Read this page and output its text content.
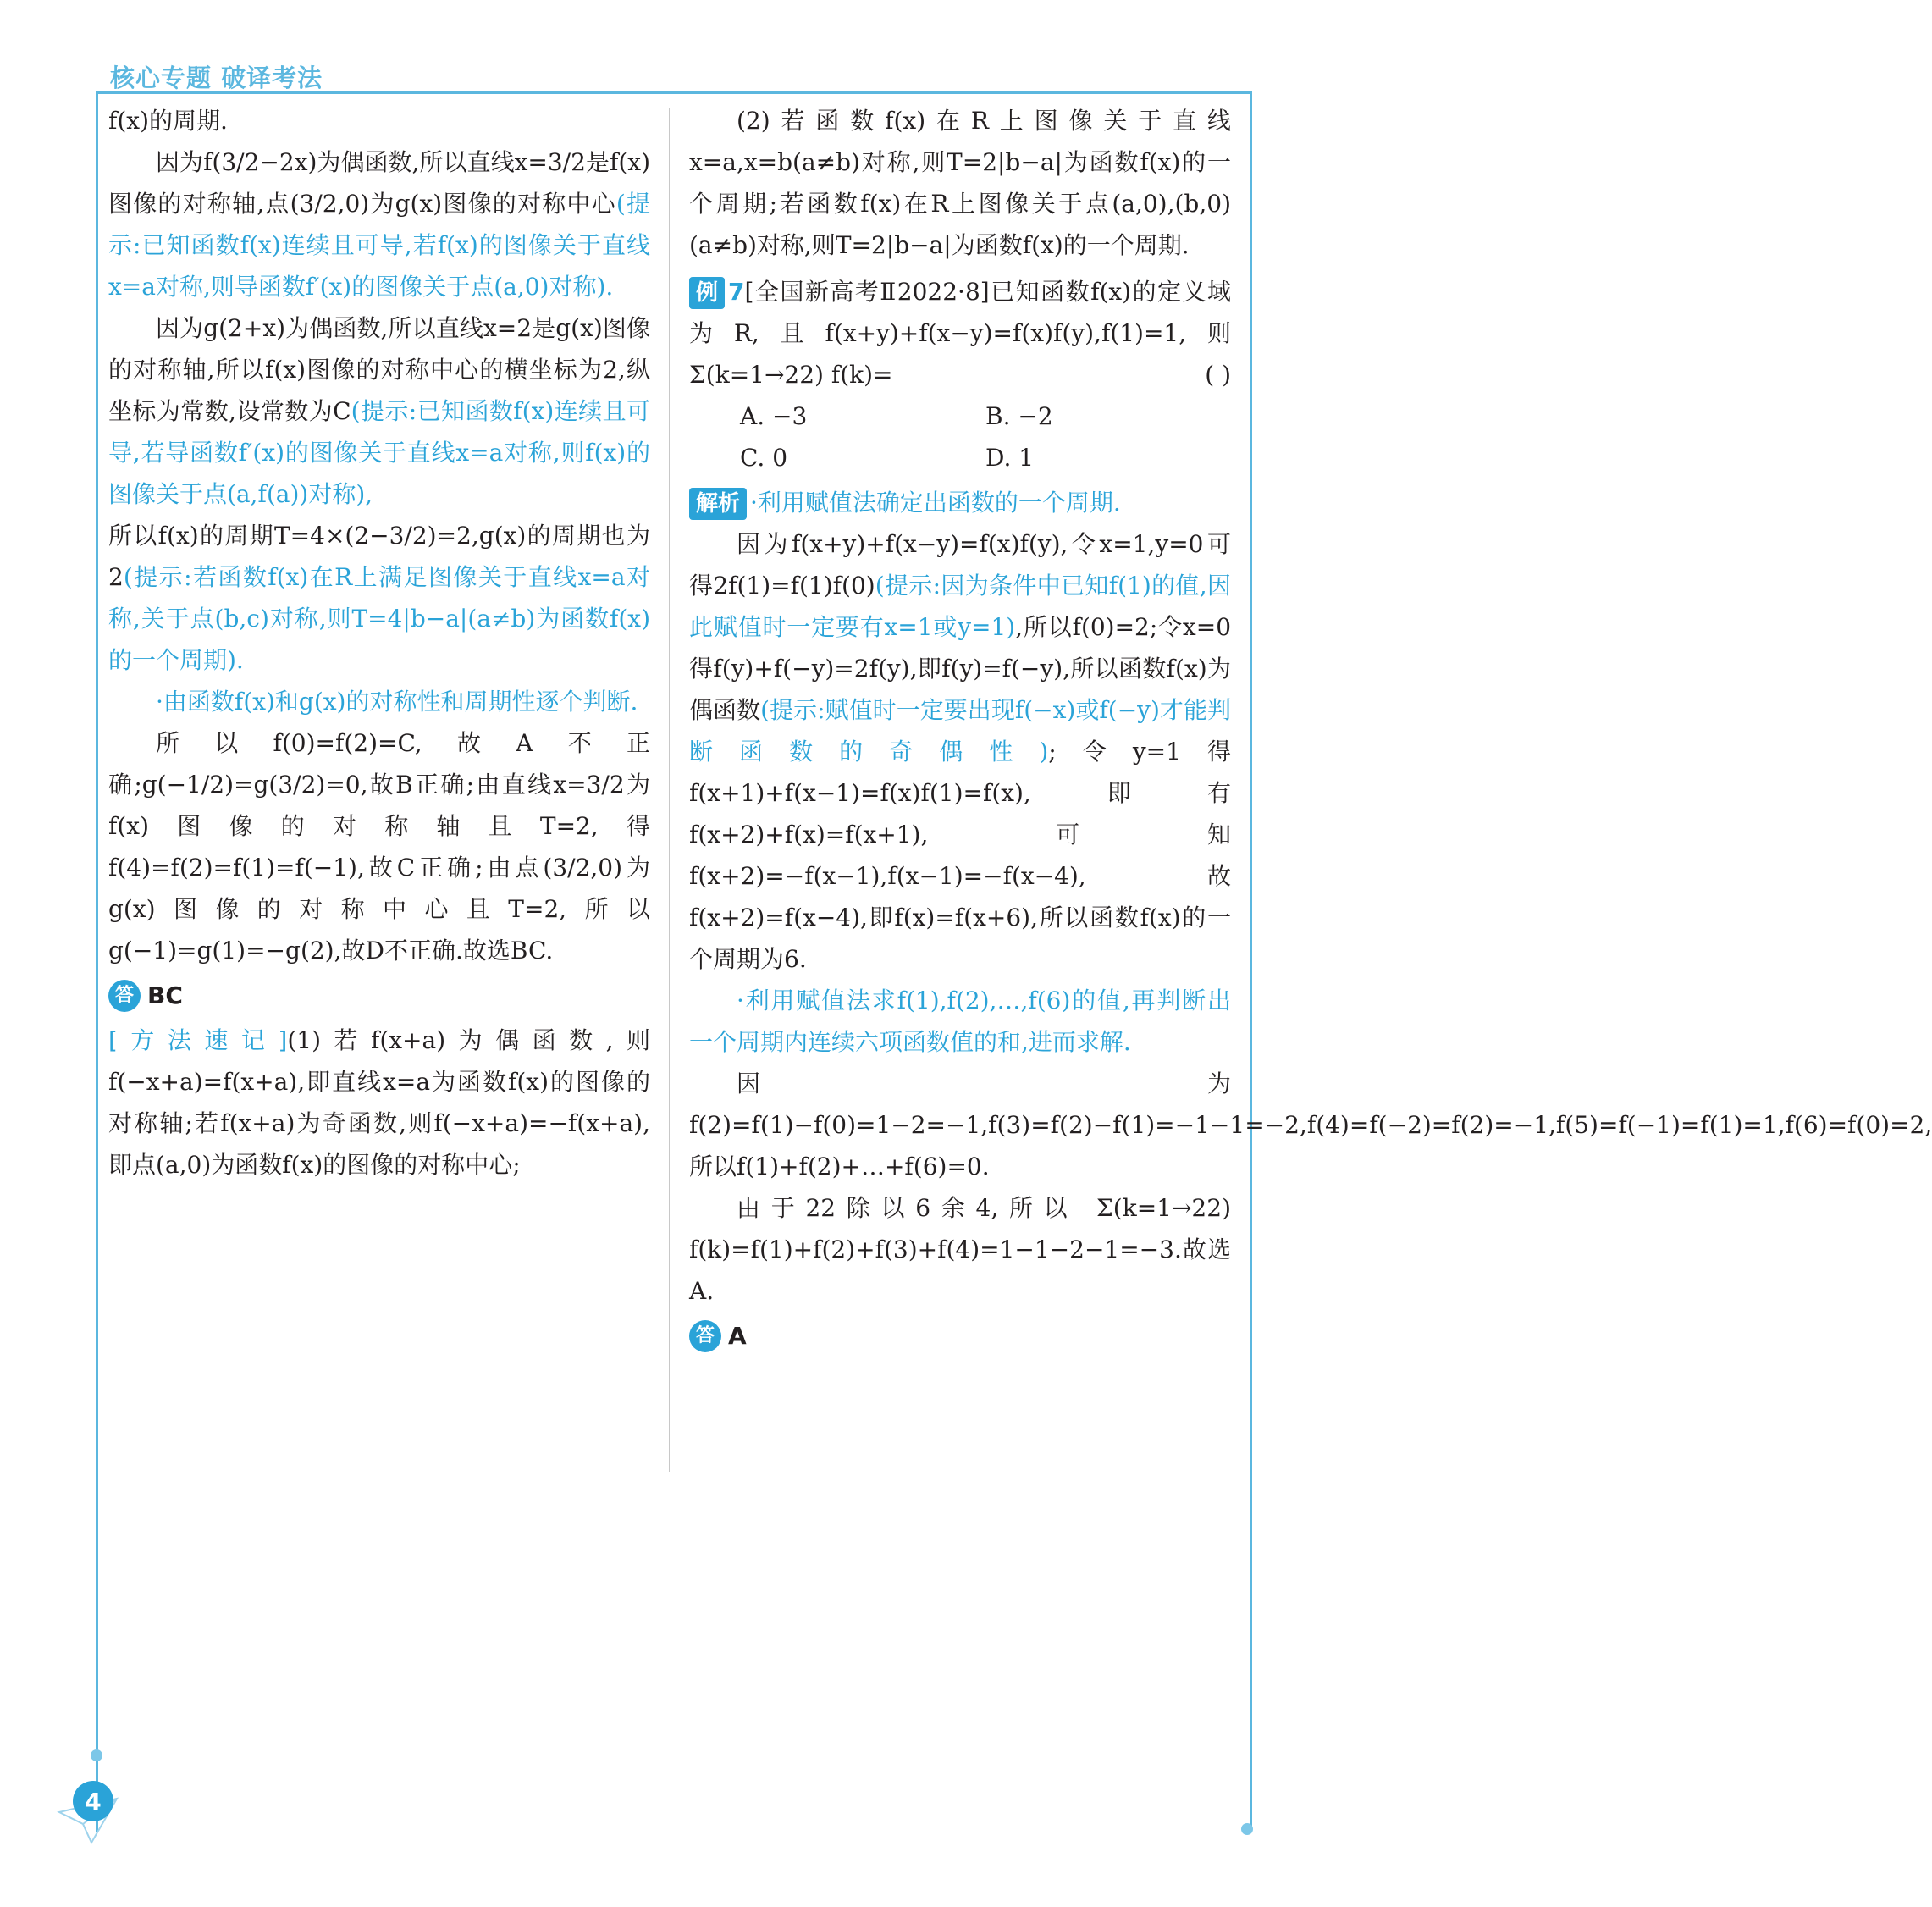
核心专题 破译考法

f(x)的周期.

因为f(3/2−2x)为偶函数,所以直线x=3/2是f(x)图像的对称轴,点(3/2,0)为g(x)图像的对称中心(提示:已知函数f(x)连续且可导,若f(x)的图像关于直线x=a对称,则导函数f′(x)的图像关于点(a,0)对称).

因为g(2+x)为偶函数,所以直线x=2是g(x)图像的对称轴,所以f(x)图像的对称中心的横坐标为2,纵坐标为常数,设常数为C(提示:已知函数f(x)连续且可导,若导函数f′(x)的图像关于直线x=a对称,则f(x)的图像关于点(a,f(a))对称),

所以f(x)的周期T=4×(2−3/2)=2,g(x)的周期也为2(提示:若函数f(x)在R上满足图像关于直线x=a对称,关于点(b,c)对称,则T=4|b−a|(a≠b)为函数f(x)的一个周期).

·由函数f(x)和g(x)的对称性和周期性逐个判断.

所以f(0)=f(2)=C,故A不正确;g(−1/2)=g(3/2)=0,故B正确;由直线x=3/2为f(x)图像的对称轴且T=2,得f(4)=f(2)=f(1)=f(−1),故C正确;由点(3/2,0)为g(x)图像的对称中心且T=2,所以g(−1)=g(1)=−g(2),故D不正确.故选BC.

答 BC

[方法速记](1)若f(x+a)为偶函数,则f(−x+a)=f(x+a),即直线x=a为函数f(x)的图像的对称轴;若f(x+a)为奇函数,则f(−x+a)=−f(x+a),即点(a,0)为函数f(x)的图像的对称中心;

(2)若函数f(x)在R上图像关于直线x=a,x=b(a≠b)对称,则T=2|b−a|为函数f(x)的一个周期;若函数f(x)在R上图像关于点(a,0),(b,0)(a≠b)对称,则T=2|b−a|为函数f(x)的一个周期.

例 7[全国新高考Ⅱ2022·8]已知函数f(x)的定义域为R,且f(x+y)+f(x−y)=f(x)f(y),f(1)=1,则 Σ(k=1→22) f(k)=	( )

A. −3	B. −2
C. 0	D. 1

解析 ·利用赋值法确定出函数的一个周期.

因为f(x+y)+f(x−y)=f(x)f(y),令x=1,y=0可得2f(1)=f(1)f(0)(提示:因为条件中已知f(1)的值,因此赋值时一定要有x=1或y=1),所以f(0)=2;令x=0得f(y)+f(−y)=2f(y),即f(y)=f(−y),所以函数f(x)为偶函数(提示:赋值时一定要出现f(−x)或f(−y)才能判断函数的奇偶性);令y=1得f(x+1)+f(x−1)=f(x)f(1)=f(x),即有f(x+2)+f(x)=f(x+1),可知f(x+2)=−f(x−1),f(x−1)=−f(x−4),故f(x+2)=f(x−4),即f(x)=f(x+6),所以函数f(x)的一个周期为6.

·利用赋值法求f(1),f(2),…,f(6)的值,再判断出一个周期内连续六项函数值的和,进而求解.

因为f(2)=f(1)−f(0)=1−2=−1,f(3)=f(2)−f(1)=−1−1=−2,f(4)=f(−2)=f(2)=−1,f(5)=f(−1)=f(1)=1,f(6)=f(0)=2,所以f(1)+f(2)+…+f(6)=0.

由于22除以6余4,所以 Σ(k=1→22) f(k)=f(1)+f(2)+f(3)+f(4)=1−1−2−1=−3.故选A.

答 A
4
